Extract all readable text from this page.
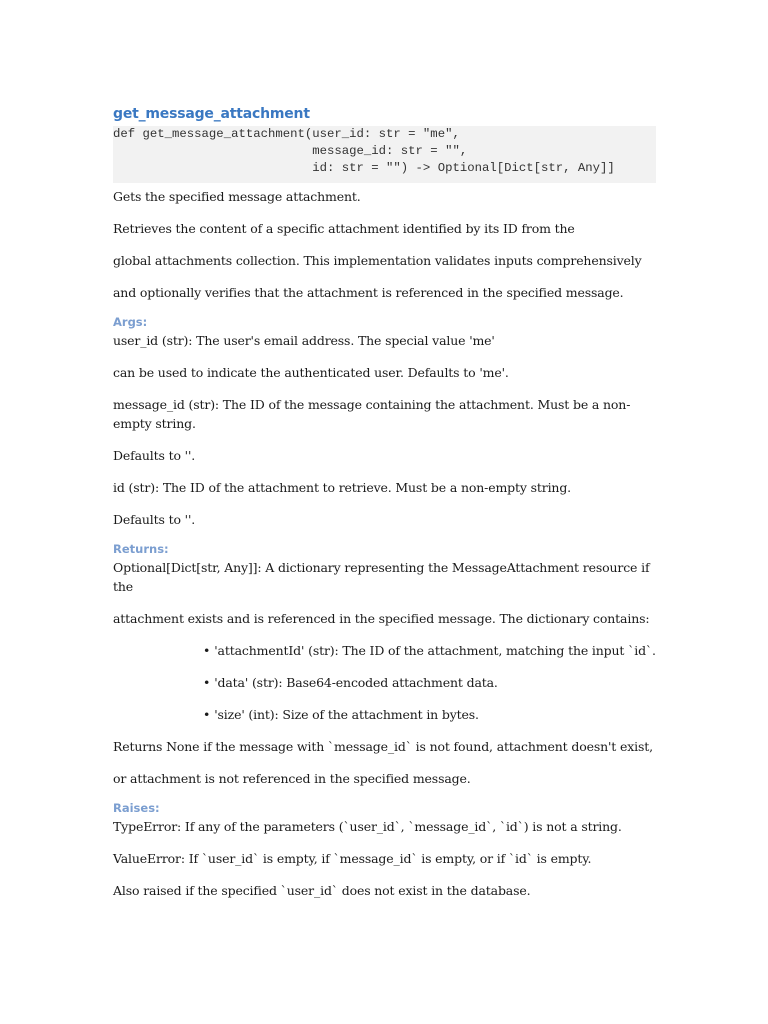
get_message_attachment
def get_message_attachment(user_id: str = "me",
message_id: str = "",
id: str = "") -> Optional[Dict[str, Any]]

Gets the specified message attachment.

Retrieves the content of a specific attachment identified by its ID from the

global attachments collection. This implementation validates inputs comprehensively

and optionally verifies that the attachment is referenced in the specified message.

Args:

user_id (str): The user's email address. The special value 'me'

can be used to indicate the authenticated user. Defaults to 'me'.

message_id (str): The ID of the message containing the attachment. Must be a non-empty string.

Defaults to ''.

id (str): The ID of the attachment to retrieve. Must be a non-empty string.

Defaults to ''.

Returns:

Optional[Dict[str, Any]]: A dictionary representing the MessageAttachment resource if the

attachment exists and is referenced in the specified message. The dictionary contains:

• 'attachmentId' (str): The ID of the attachment, matching the input `id`.
• 'data' (str): Base64-encoded attachment data.
• 'size' (int): Size of the attachment in bytes.

Returns None if the message with `message_id` is not found, attachment doesn't exist,

or attachment is not referenced in the specified message.

Raises:

TypeError: If any of the parameters (`user_id`, `message_id`, `id`) is not a string.

ValueError: If `user_id` is empty, if `message_id` is empty, or if `id` is empty.

Also raised if the specified `user_id` does not exist in the database.
